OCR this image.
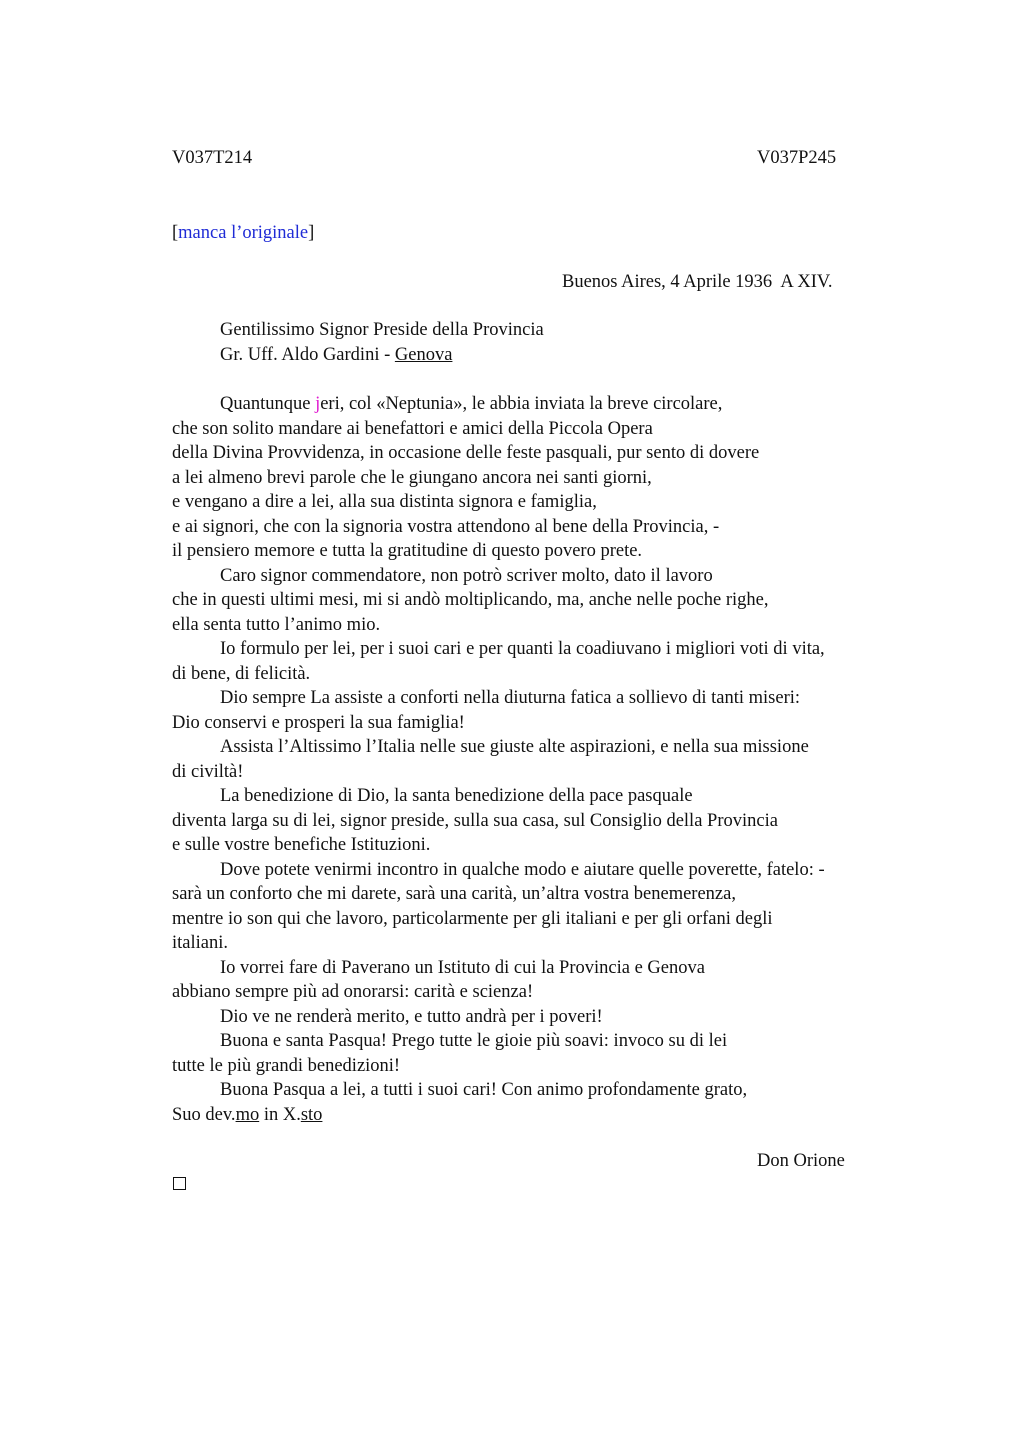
V037T214	V037P245
[manca l’originale]
Buenos Aires, 4 Aprile 1936  A XIV.
Gentilissimo Signor Preside della Provincia
Gr. Uff. Aldo Gardini - Genova
Quantunque jeri, col «Neptunia», le abbia inviata la breve circolare,
che son solito mandare ai benefattori e amici della Piccola Opera
della Divina Provvidenza, in occasione delle feste pasquali, pur sento di dovere
a lei almeno brevi parole che le giungano ancora nei santi giorni,
e vengano a dire a lei, alla sua distinta signora e famiglia,
e ai signori, che con la signoria vostra attendono al bene della Provincia, -
il pensiero memore e tutta la gratitudine di questo povero prete.
Caro signor commendatore, non potrò scriver molto, dato il lavoro
che in questi ultimi mesi, mi si andò moltiplicando, ma, anche nelle poche righe,
ella senta tutto l’animo mio.
Io formulo per lei, per i suoi cari e per quanti la coadiuvano i migliori voti di vita,
di bene, di felicità.
Dio sempre La assiste a conforti nella diuturna fatica a sollievo di tanti miseri:
Dio conservi e prosperi la sua famiglia!
Assista l’Altissimo l’Italia nelle sue giuste alte aspirazioni, e nella sua missione
di civiltà!
La benedizione di Dio, la santa benedizione della pace pasquale
diventa larga su di lei, signor preside, sulla sua casa, sul Consiglio della Provincia
e sulle vostre benefiche Istituzioni.
Dove potete venirmi incontro in qualche modo e aiutare quelle poverette, fatelo: -
sarà un conforto che mi darete, sarà una carità, un’altra vostra benemerenza,
mentre io son qui che lavoro, particolarmente per gli italiani e per gli orfani degli
italiani.
Io vorrei fare di Paverano un Istituto di cui la Provincia e Genova
abbiano sempre più ad onorarsi: carità e scienza!
Dio ve ne renderà merito, e tutto andrà per i poveri!
Buona e santa Pasqua! Prego tutte le gioie più soavi: invoco su di lei
tutte le più grandi benedizioni!
Buona Pasqua a lei, a tutti i suoi cari! Con animo profondamente grato,
Suo dev.mo in X.sto
Don Orione
